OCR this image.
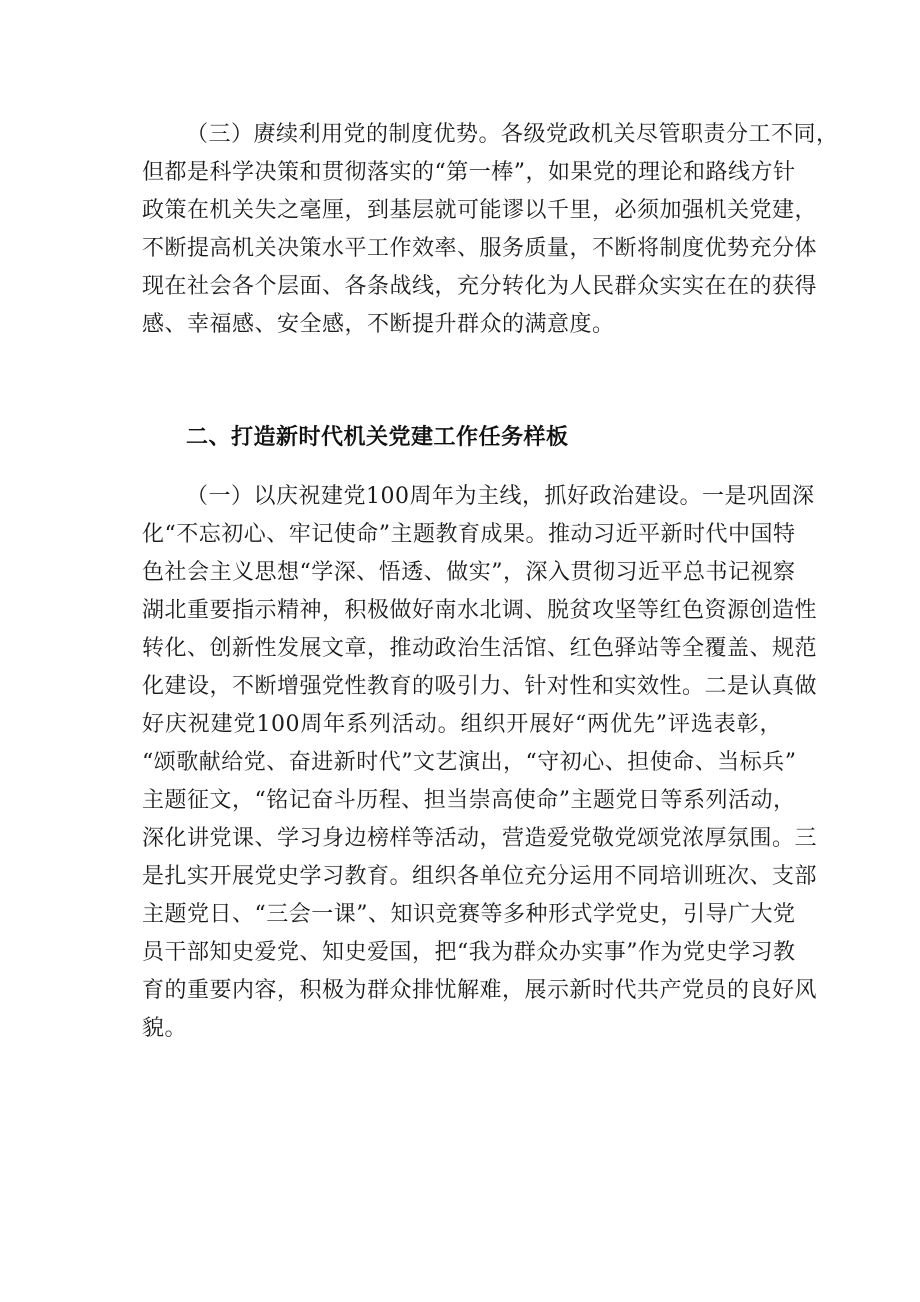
（三）赓续利用党的制度优势。各级党政机关尽管职责分工不同，
但都是科学决策和贯彻落实的“第一棒”，如果党的理论和路线方针
政策在机关失之毫厘，到基层就可能谬以千里，必须加强机关党建，
不断提高机关决策水平工作效率、服务质量，不断将制度优势充分体
现在社会各个层面、各条战线，充分转化为人民群众实实在在的获得
感、幸福感、安全感，不断提升群众的满意度。
二、打造新时代机关党建工作任务样板
（一）以庆祝建党100周年为主线，抓好政治建设。一是巩固深
化“不忘初心、牢记使命”主题教育成果。推动习近平新时代中国特
色社会主义思想“学深、悟透、做实”，深入贯彻习近平总书记视察
湖北重要指示精神，积极做好南水北调、脱贫攻坚等红色资源创造性
转化、创新性发展文章，推动政治生活馆、红色驿站等全覆盖、规范
化建设，不断增强党性教育的吸引力、针对性和实效性。二是认真做
好庆祝建党100周年系列活动。组织开展好“两优先”评选表彰，
“颂歌献给党、奋进新时代”文艺演出，“守初心、担使命、当标兵”
主题征文，“铭记奋斗历程、担当崇高使命”主题党日等系列活动，
深化讲党课、学习身边榜样等活动，营造爱党敬党颂党浓厚氛围。三
是扎实开展党史学习教育。组织各单位充分运用不同培训班次、支部
主题党日、“三会一课”、知识竞赛等多种形式学党史，引导广大党
员干部知史爱党、知史爱国，把“我为群众办实事”作为党史学习教
育的重要内容，积极为群众排忧解难，展示新时代共产党员的良好风
貌。
